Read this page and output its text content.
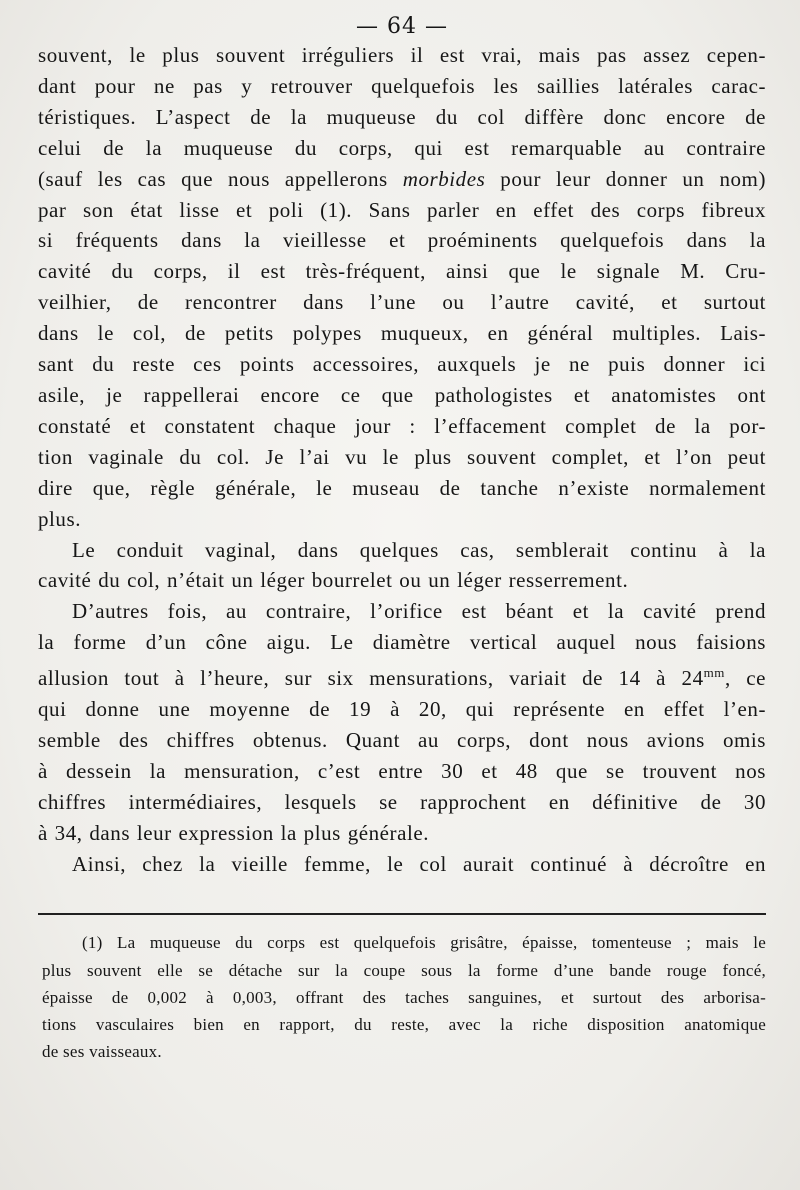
— 64 —
souvent, le plus souvent irréguliers il est vrai, mais pas assez cepen-
dant pour ne pas y retrouver quelquefois les saillies latérales carac-
téristiques. L’aspect de la muqueuse du col diffère donc encore de
celui de la muqueuse du corps, qui est remarquable au contraire
(sauf les cas que nous appellerons morbides pour leur donner un nom)
par son état lisse et poli (1). Sans parler en effet des corps fibreux
si fréquents dans la vieillesse et proéminents quelquefois dans la
cavité du corps, il est très-fréquent, ainsi que le signale M. Cru-
veilhier, de rencontrer dans l’une ou l’autre cavité, et surtout
dans le col, de petits polypes muqueux, en général multiples. Lais-
sant du reste ces points accessoires, auxquels je ne puis donner ici
asile, je rappellerai encore ce que pathologistes et anatomistes ont
constaté et constatent chaque jour : l’effacement complet de la por-
tion vaginale du col. Je l’ai vu le plus souvent complet, et l’on peut
dire que, règle générale, le museau de tanche n’existe normalement
plus.
Le conduit vaginal, dans quelques cas, semblerait continu à la
cavité du col, n’était un léger bourrelet ou un léger resserrement.
D’autres fois, au contraire, l’orifice est béant et la cavité prend
la forme d’un cône aigu. Le diamètre vertical auquel nous faisions
allusion tout à l’heure, sur six mensurations, variait de 14 à $24^{mm}$, ce
qui donne une moyenne de 19 à 20, qui représente en effet l’en-
semble des chiffres obtenus. Quant au corps, dont nous avions omis
à dessein la mensuration, c’est entre 30 et 48 que se trouvent nos
chiffres intermédiaires, lesquels se rapprochent en définitive de 30
à 34, dans leur expression la plus générale.
Ainsi, chez la vieille femme, le col aurait continué à décroître en
(1) La muqueuse du corps est quelquefois grisâtre, épaisse, tomenteuse ; mais le
plus souvent elle se détache sur la coupe sous la forme d’une bande rouge foncé,
épaisse de 0,002 à 0,003, offrant des taches sanguines, et surtout des arborisa-
tions vasculaires bien en rapport, du reste, avec la riche disposition anatomique
de ses vaisseaux.
